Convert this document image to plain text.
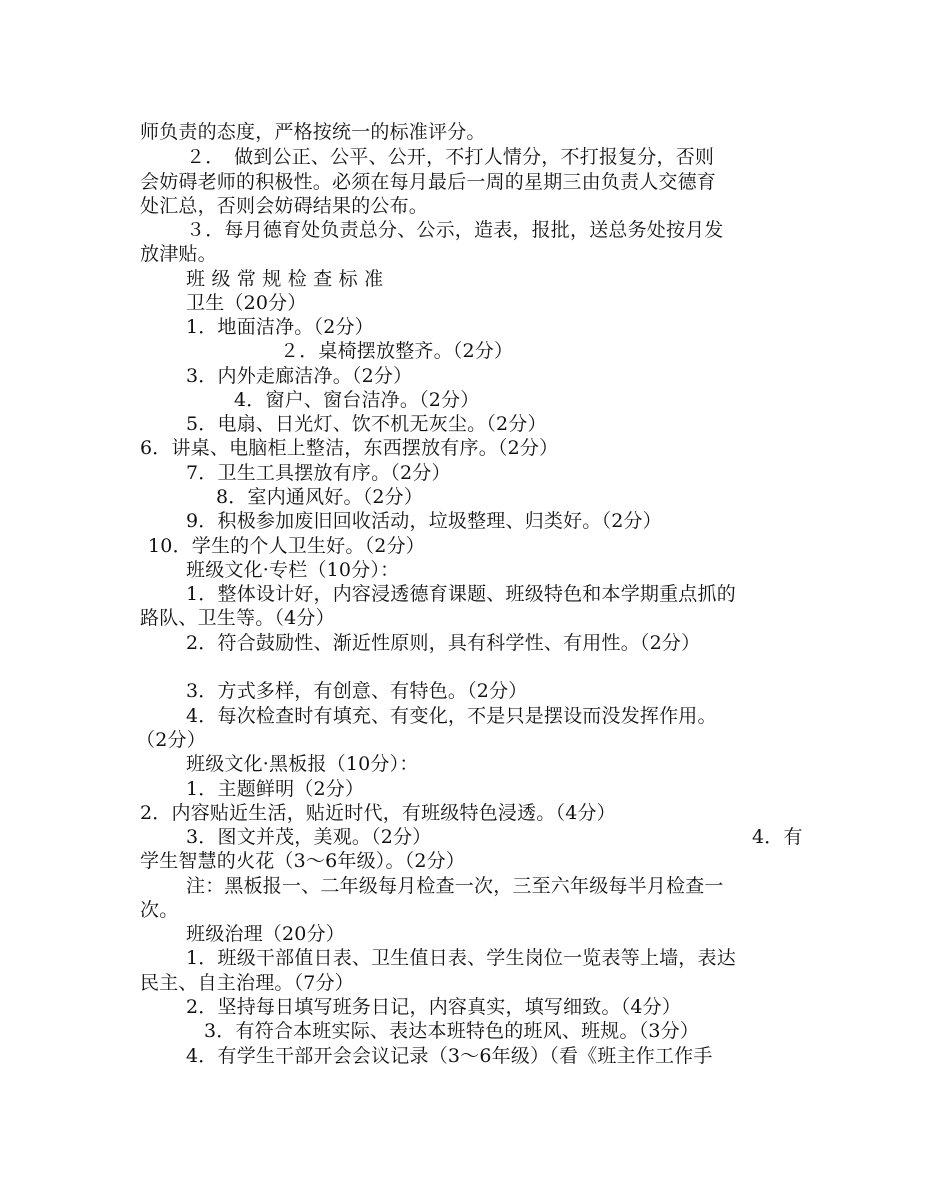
师负责的态度，严格按统一的标准评分。
２．　做到公正、公平、公开，不打人情分，不打报复分，否则
会妨碍老师的积极性。必须在每月最后一周的星期三由负责人交德育
处汇总，否则会妨碍结果的公布。
３．每月德育处负责总分、公示，造表，报批，送总务处按月发
放津贴。
班 级 常 规 检 查 标 准
卫生（20分）
1．地面洁净。（2分）
２．桌椅摆放整齐。（2分）
3．内外走廊洁净。（2分）
4．窗户、窗台洁净。（2分）
5．电扇、日光灯、饮不机无灰尘。（2分）
6．讲桌、电脑柜上整洁，东西摆放有序。（2分）
7．卫生工具摆放有序。（2分）
8．室内通风好。（2分）
9．积极参加废旧回收活动，垃圾整理、归类好。（2分）
10．学生的个人卫生好。（2分）
班级文化·专栏（10分）：
1．整体设计好，内容浸透德育课题、班级特色和本学期重点抓的
路队、卫生等。（4分）
2．符合鼓励性、渐近性原则，具有科学性、有用性。（2分）
3．方式多样，有创意、有特色。（2分）
4．每次检查时有填充、有变化，不是只是摆设而没发挥作用。
（2分）
班级文化·黑板报（10分）：
1．主题鲜明（2分）
2．内容贴近生活，贴近时代，有班级特色浸透。（4分）
3．图文并茂，美观。（2分）	4．有
学生智慧的火花（3～6年级）。（2分）
注：黑板报一、二年级每月检查一次，三至六年级每半月检查一
次。
班级治理（20分）
1．班级干部值日表、卫生值日表、学生岗位一览表等上墙，表达
民主、自主治理。（7分）
2．坚持每日填写班务日记，内容真实，填写细致。（4分）
3．有符合本班实际、表达本班特色的班风、班规。（3分）
4．有学生干部开会会议记录（3～6年级）（看《班主作工作手
